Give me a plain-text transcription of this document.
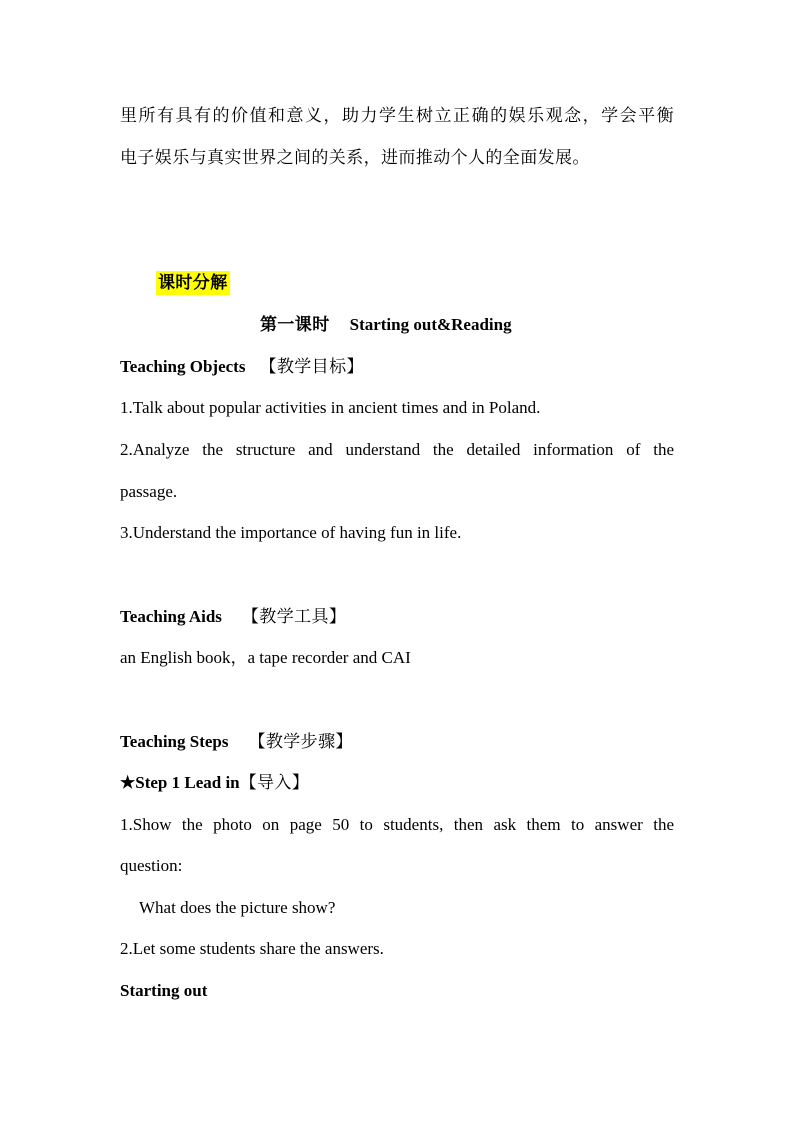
里所有具有的价值和意义，助力学生树立正确的娱乐观念，学会平衡
电子娱乐与真实世界之间的关系，进而推动个人的全面发展。
课时分解
第一课时 Starting out&Reading
Teaching Objects 【教学目标】
1.Talk about popular activities in ancient times and in Poland.
2.Analyze the structure and understand the detailed information of the
passage.
3.Understand the importance of having fun in life.
Teaching Aids 【教学工具】
an English book，a tape recorder and CAI
Teaching Steps 【教学步骤】
★Step 1 Lead in【导入】
1.Show the photo on page 50 to students, then ask them to answer the
question:
What does the picture show?
2.Let some students share the answers.
Starting out
